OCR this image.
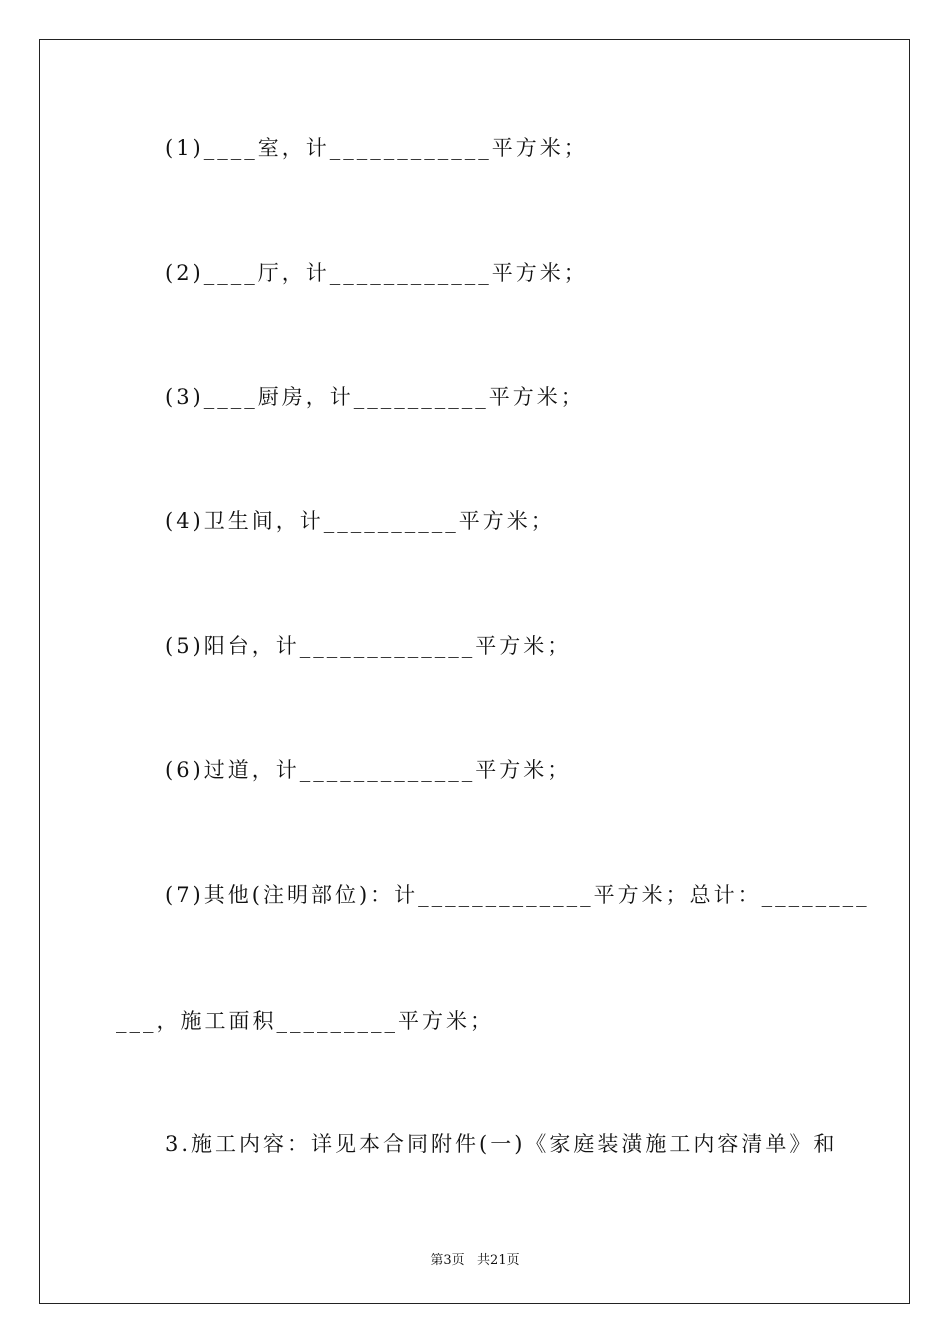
(1)____室，计____________平方米；
(2)____厅，计____________平方米；
(3)____厨房，计__________平方米；
(4)卫生间，计__________平方米；
(5)阳台，计_____________平方米；
(6)过道，计_____________平方米；
(7)其他(注明部位)：计_____________平方米；总计：________
___，施工面积_________平方米；
3.施工内容：详见本合同附件(一)《家庭装潢施工内容清单》和
第3页   共21页
